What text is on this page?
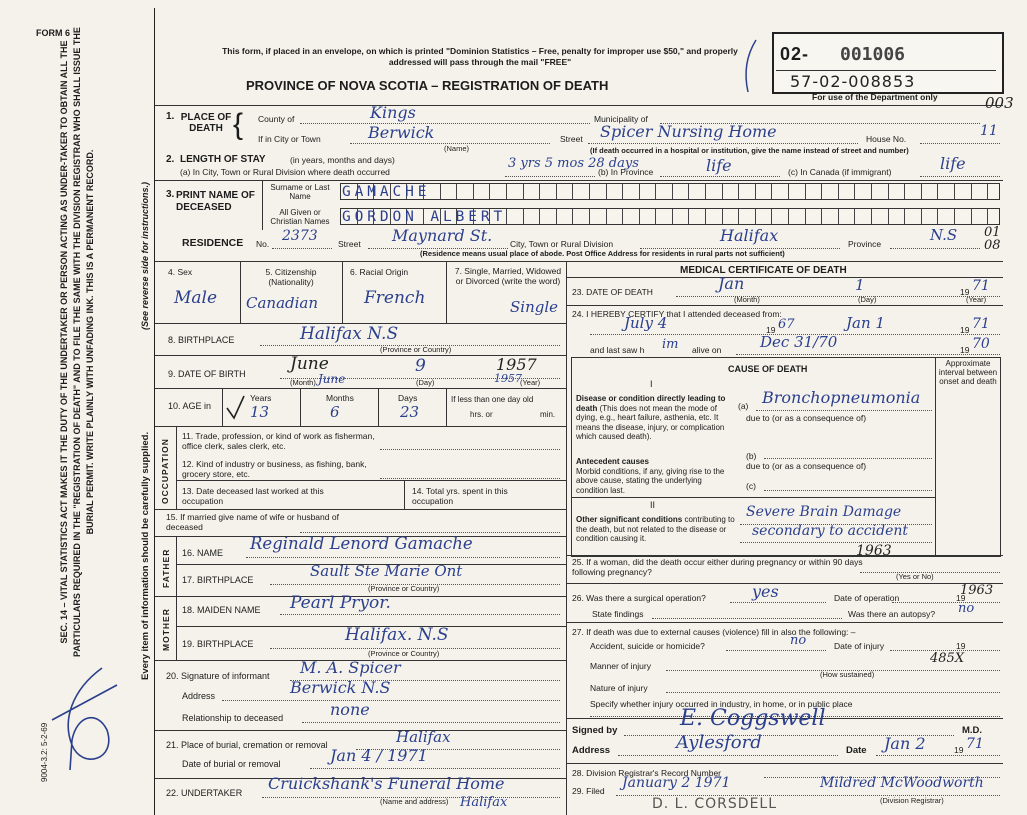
FORM 6
SEC. 14 – VITAL STATISTICS ACT MAKES IT THE DUTY OF THE UNDERTAKER OR PERSON ACTING AS UNDER-TAKER TO OBTAIN ALL THE PARTICULARS REQUIRED IN THE "REGISTRATION OF DEATH" AND TO FILE THE SAME WITH THE DIVISION REGISTRAR WHO SHALL ISSUE THE BURIAL PERMIT. WRITE PLAINLY WITH UNFADING INK. THIS IS A PERMANENT RECORD.
Every item of information should be carefully supplied.
(See reverse side for instructions.)
9004-3.2: 5-2-69
This form, if placed in an envelope, on which is printed "Dominion Statistics – Free, penalty for improper use $50," and properly addressed will pass through the mail "FREE"
PROVINCE OF NOVA SCOTIA – REGISTRATION OF DEATH
02- 001006
57-02-008853
For use of the Department only	003
1. PLACE OF DEATH { County of	Kings	Municipality of
If in City or Town	Berwick
(Name)
Street Spicer Nursing Home	House No.	11
(If death occurred in a hospital or institution, give the name instead of street and number)
2. LENGTH OF STAY	(in years, months and days)
(a) In City, Town or Rural Division where death occurred
3 yrs 5 mos 28 days
(b) In Province	life	(c) In Canada (if immigrant)	life
3. PRINT NAME OF DECEASED
Surname or Last Name
All Given or Christian Names
GAMACHE
GORDON ALBERT
RESIDENCE No. 2373 Street Maynard St. City, Town or Rural Division	Halifax	Province	N.S 01 08
(Residence means usual place of abode. Post Office Address for residents in rural parts not sufficient)
4. Sex
Male
5. Citizenship (Nationality)
Canadian
6. Racial Origin
French
7. Single, Married, Widowed or Divorced (write the word)
Single
8. BIRTHPLACE	Halifax N.S
(Province or Country)
9. DATE OF BIRTH	June
June
9	1957
1957
(Month)	(Day)	(Year)
10. AGE in
Years	Months	Days
13	6	23
If less than one day old
hrs. or	min.
OCCUPATION
11. Trade, profession, or kind of work as fisherman, office clerk, sales clerk, etc.
12. Kind of industry or business, as fishing, bank, grocery store, etc.
13. Date deceased last worked at this occupation
14. Total yrs. spent in this occupation
15. If married give name of wife or husband of deceased
FATHER
MOTHER
16. NAME Reginald Lenord Gamache
17. BIRTHPLACE	Sault Ste Marie Ont
(Province or Country)
18. MAIDEN NAME Pearl Pryor.
19. BIRTHPLACE	Halifax. N.S
(Province or Country)
20. Signature of informant M. A. Spicer
Address	Berwick N.S
Relationship to deceased	none
21. Place of burial, cremation or removal	Halifax
Date of burial or removal	Jan 4 / 1971
22. UNDERTAKER Cruickshank's Funeral Home
(Name and address) Halifax
MEDICAL CERTIFICATE OF DEATH
23. DATE OF DEATH	Jan
(Month)
1
(Day)
19 71
(Year)
24. I HEREBY CERTIFY that I attended deceased from:
July 4	19 67	Jan 1	19 71
and last saw h im alive on	Dec 31/70	19 70
CAUSE OF DEATH
Approximate interval between onset and death
I
Disease or condition directly leading to death (This does not mean the mode of dying, e.g., heart failure, asthenia, etc. It means the disease, injury, or complication which caused death).
(a) Bronchopneumonia
due to (or as a consequence of)
Antecedent causes
Morbid conditions, if any, giving rise to the above cause, stating the underlying condition last.
(b)
due to (or as a consequence of)
(c)
II
Other significant conditions contributing to the death, but not related to the disease or condition causing it.
Severe Brain Damage
secondary to accident
1963
25. If a woman, did the death occur either during pregnancy or within 90 days following pregnancy?	(Yes or No)
26. Was there a surgical operation?	yes	Date of operation	19
1963
State findings	Was there an autopsy? no
27. If death was due to external causes (violence) fill in also the following: –
Accident, suicide or homicide?	no	Date of injury	19
485X
Manner of injury
(How sustained)
Nature of injury
Specify whether injury occurred in industry, in home, or in public place
Signed by	E. Coggswell	M.D.
Address	Aylesford	Date Jan 2	19 71
28. Division Registrar's Record Number
29. Filed January 2 1971	Mildred McWoodworth
(Division Registrar)
D. L. CORSDELL
